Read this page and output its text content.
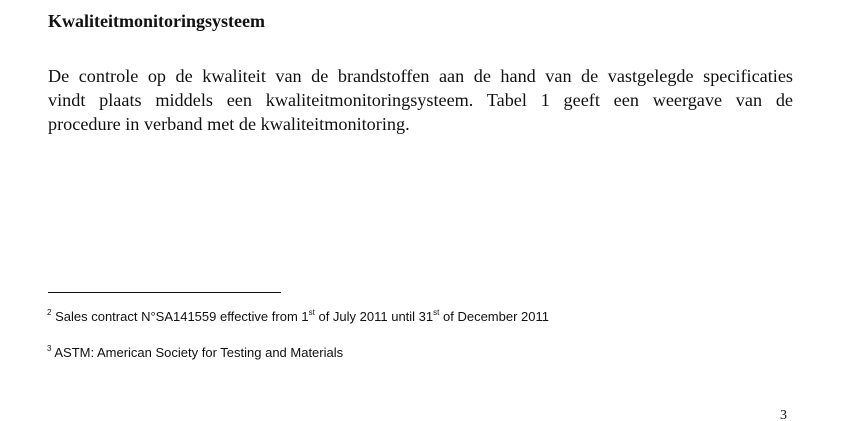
Kwaliteitmonitoringsysteem
De controle op de kwaliteit van de brandstoffen aan de hand van de vastgelegde specificaties
vindt plaats middels een kwaliteitmonitoringsysteem. Tabel 1 geeft een weergave van de
procedure in verband met de kwaliteitmonitoring.
$^2$ Sales contract N°SA141559 effective from 1st of July 2011 until 31st of December 2011
$^3$ ASTM: American Society for Testing and Materials
3
